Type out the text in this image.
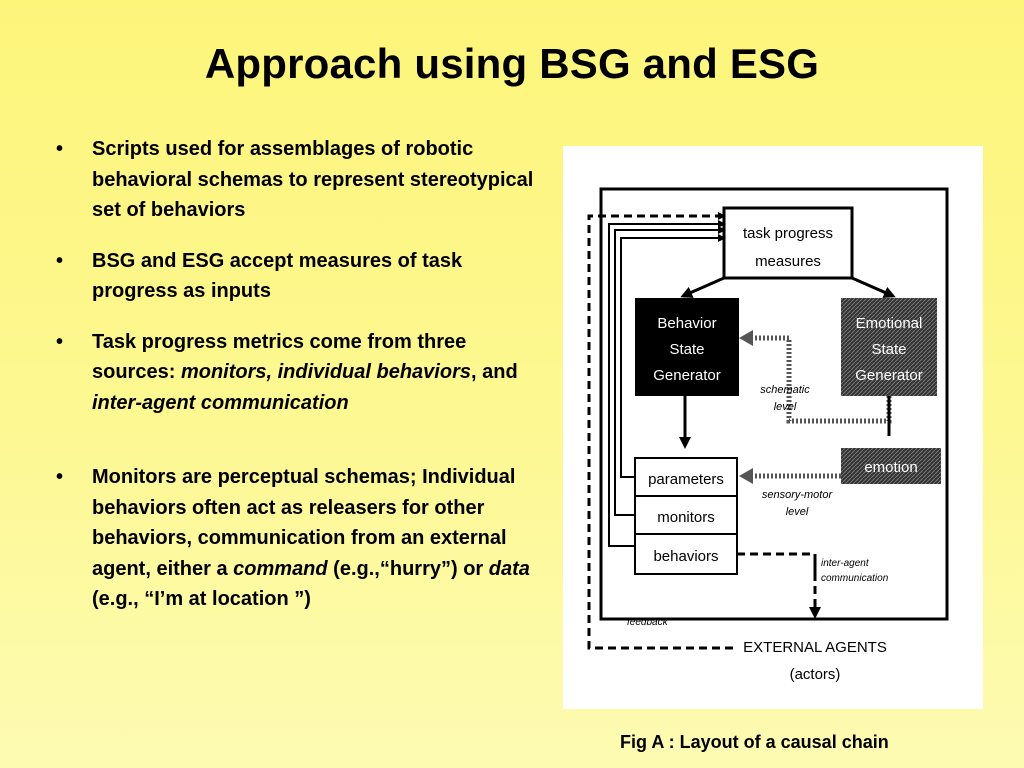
Approach using BSG and ESG
• Scripts used for assemblages of robotic behavioral schemas to represent stereotypical set of behaviors
• BSG and ESG accept measures of task progress as inputs
• Task progress metrics come from three sources: monitors, individual behaviors, and inter-agent communication
• Monitors are perceptual schemas; Individual behaviors often act as releasers for other behaviors, communication from an external agent, either a command (e.g.,“hurry”) or data (e.g., “I’m at location ”)
task progress
measures
Behavior
State
Generator
Emotional
State
Generator
schematic
level
emotion
sensory-motor
level
parameters
monitors
behaviors
feedback
inter-agent
communication
EXTERNAL AGENTS
(actors)
Fig A : Layout of a causal chain
